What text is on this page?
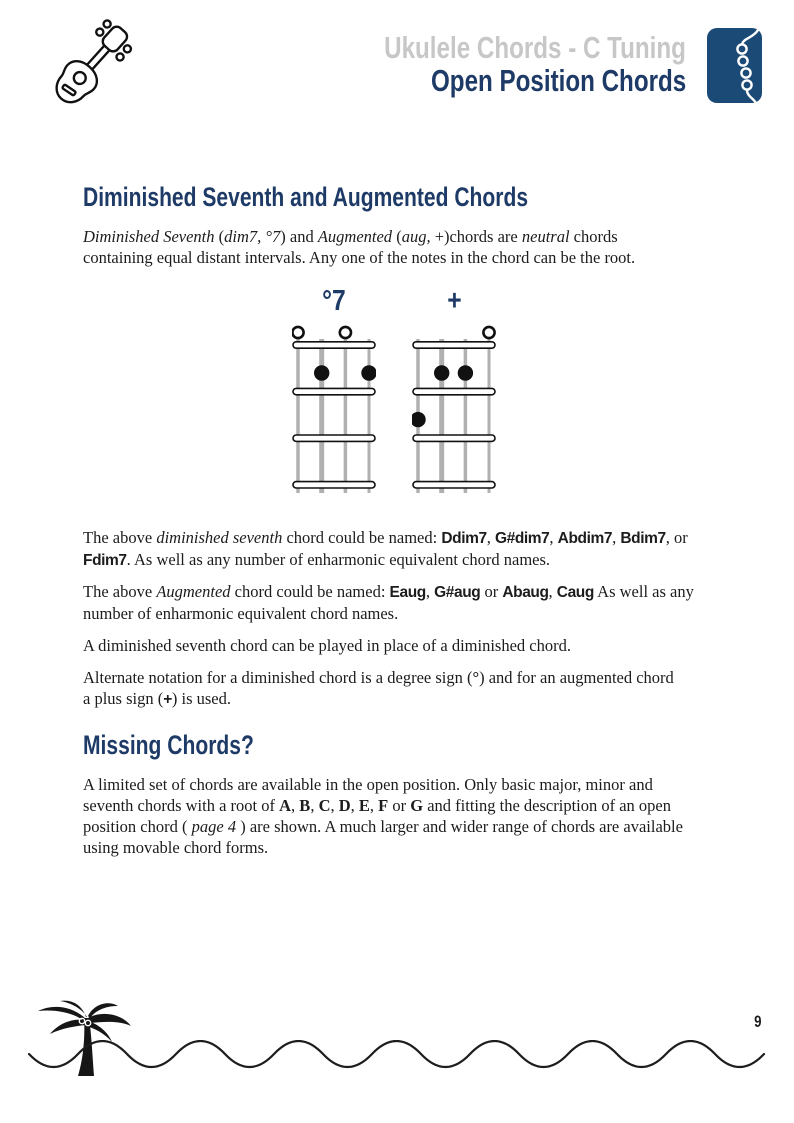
Ukulele Chords - C Tuning
Open Position Chords
Diminished Seventh and Augmented Chords

Diminished Seventh (dim7, °7) and Augmented (aug, +)chords are neutral chords
containing equal distant intervals. Any one of the notes in the chord can be the root.

°7	+

The above diminished seventh chord could be named: Ddim7, G#dim7, Abdim7, Bdim7, or
Fdim7. As well as any number of enharmonic equivalent chord names.

The above Augmented chord could be named: Eaug, G#aug or Abaug, Caug As well as any
number of enharmonic equivalent chord names.

A diminished seventh chord can be played in place of a diminished chord.

Alternate notation for a diminished chord is a degree sign (°) and for an augmented chord
a plus sign (+) is used.

Missing Chords?

A limited set of chords are available in the open position. Only basic major, minor and
seventh chords with a root of A, B, C, D, E, F or G and fitting the description of an open
position chord ( page 4 ) are shown. A much larger and wider range of chords are available
using movable chord forms.

9
